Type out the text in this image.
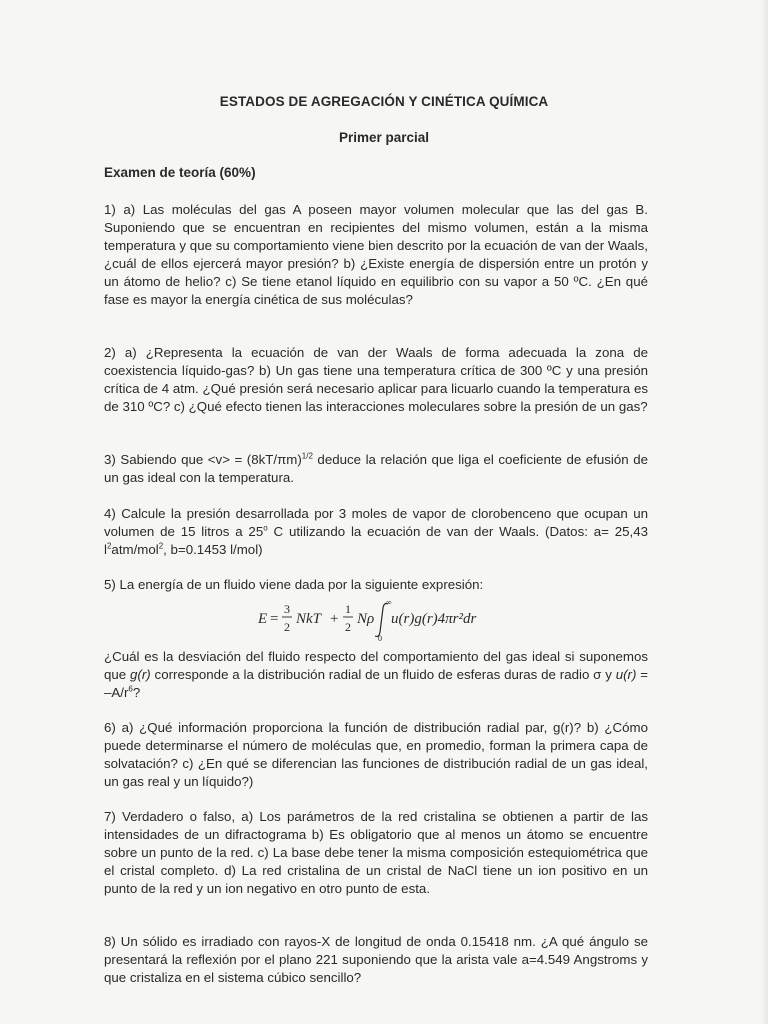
ESTADOS DE AGREGACIÓN Y CINÉTICA QUÍMICA
Primer parcial
Examen de teoría (60%)

1) a) Las moléculas del gas A poseen mayor volumen molecular que las del gas B. Suponiendo que se encuentran en recipientes del mismo volumen, están a la misma temperatura y que su comportamiento viene bien descrito por la ecuación de van der Waals, ¿cuál de ellos ejercerá mayor presión? b) ¿Existe energía de dispersión entre un protón y un átomo de helio? c) Se tiene etanol líquido en equilibrio con su vapor a 50 ºC. ¿En qué fase es mayor la energía cinética de sus moléculas?

2) a) ¿Representa la ecuación de van der Waals de forma adecuada la zona de coexistencia líquido-gas? b) Un gas tiene una temperatura crítica de 300 ºC y una presión crítica de 4 atm. ¿Qué presión será necesario aplicar para licuarlo cuando la temperatura es de 310 ºC? c) ¿Qué efecto tienen las interacciones moleculares sobre la presión de un gas?

3) Sabiendo que $<v> = (8kT/\pi m)^{1/2}$ deduce la relación que liga el coeficiente de efusión de un gas ideal con la temperatura.

4) Calcule la presión desarrollada por 3 moles de vapor de clorobenceno que ocupan un volumen de 15 litros a 25$^o$ C utilizando la ecuación de van der Waals. (Datos: a= 25,43 $l^2atm/mol^2$, b=0.1453 l/mol)

5) La energía de un fluido viene dada por la siguiente expresión:

E =
3
2 NkT +
1
2 Nρ
∞
0
u(r)g(r)4πr²dr

¿Cuál es la desviación del fluido respecto del comportamiento del gas ideal si suponemos que g(r) corresponde a la distribución radial de un fluido de esferas duras de radio σ y $u(r) = -A/r^6$?

6) a) ¿Qué información proporciona la función de distribución radial par, g(r)? b) ¿Cómo puede determinarse el número de moléculas que, en promedio, forman la primera capa de solvatación? c) ¿En qué se diferencian las funciones de distribución radial de un gas ideal, un gas real y un líquido?)

7) Verdadero o falso, a) Los parámetros de la red cristalina se obtienen a partir de las intensidades de un difractograma b) Es obligatorio que al menos un átomo se encuentre sobre un punto de la red. c) La base debe tener la misma composición estequiométrica que el cristal completo. d) La red cristalina de un cristal de NaCl tiene un ion positivo en un punto de la red y un ion negativo en otro punto de esta.

8) Un sólido es irradiado con rayos-X de longitud de onda 0.15418 nm. ¿A qué ángulo se presentará la reflexión por el plano 221 suponiendo que la arista vale a=4.549 Angstroms y que cristaliza en el sistema cúbico sencillo?
